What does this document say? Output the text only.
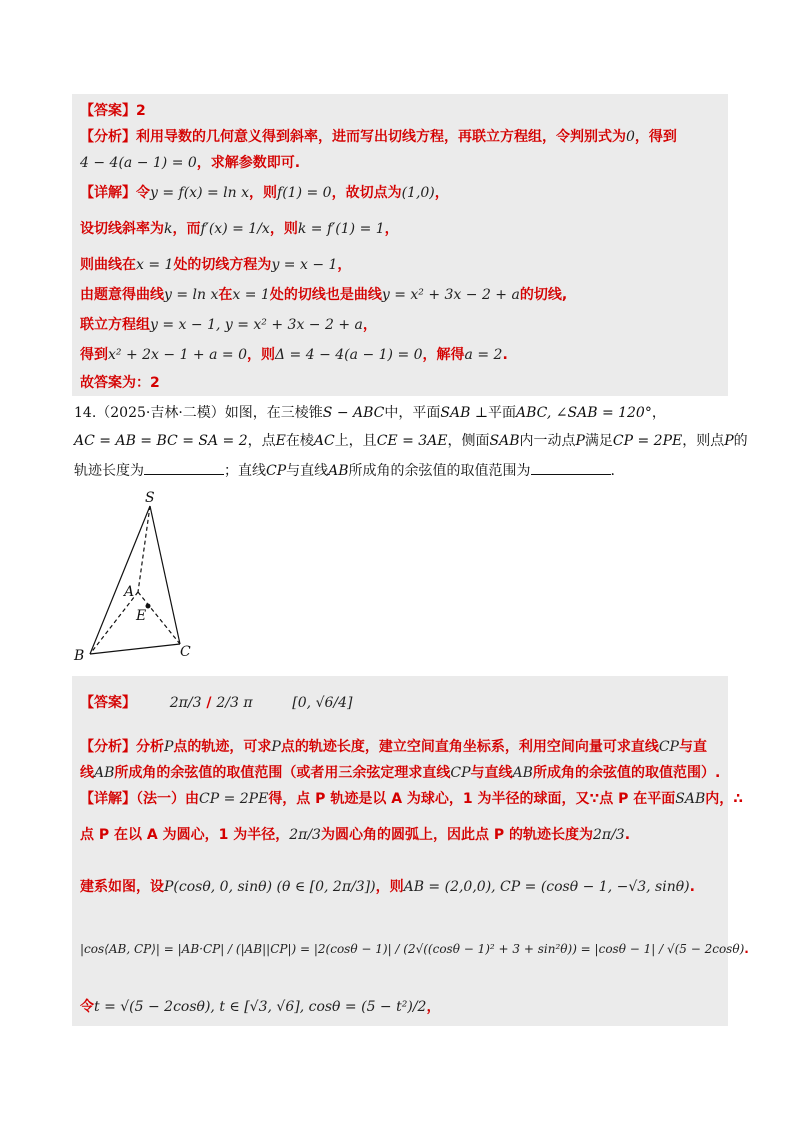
【答案】2
【分析】利用导数的几何意义得到斜率，进而写出切线方程，再联立方程组，令判别式为0，得到
4 − 4(a − 1) = 0，求解参数即可.
【详解】令y = f(x) = ln x，则f(1) = 0，故切点为(1,0)，
设切线斜率为k，而f′(x) = 1/x，则k = f′(1) = 1，
则曲线在x = 1处的切线方程为y = x − 1，
由题意得曲线y = ln x在x = 1处的切线也是曲线y = x² + 3x − 2 + a的切线,
联立方程组y = x − 1, y = x² + 3x − 2 + a，
得到x² + 2x − 1 + a = 0，则Δ = 4 − 4(a − 1) = 0，解得a = 2.
故答案为：2
14.（2025·吉林·二模）如图，在三棱锥S − ABC中，平面SAB ⊥平面ABC, ∠SAB = 120°，
AC = AB = BC = SA = 2，点E在棱AC上，且CE = 3AE，侧面SAB内一动点P满足CP = 2PE，则点P的
轨迹长度为	；直线CP与直线AB所成角的余弦值的取值范围为	.
S
A
E
B	C
【答案】 2π/3 / 2/3 π	[0, √6/4]
【分析】分析P点的轨迹，可求P点的轨迹长度，建立空间直角坐标系，利用空间向量可求直线CP与直
线AB所成角的余弦值的取值范围（或者用三余弦定理求直线CP与直线AB所成角的余弦值的取值范围）.
【详解】（法一）由CP = 2PE得，点 P 轨迹是以 A 为球心，1 为半径的球面，又∵点 P 在平面SAB内，∴
点 P 在以 A 为圆心，1 为半径，2π/3为圆心角的圆弧上，因此点 P 的轨迹长度为2π/3.
建系如图，设P(cosθ, 0, sinθ) (θ ∈ [0, 2π/3])，则AB = (2,0,0), CP = (cosθ − 1, −√3, sinθ).
|cos⟨AB, CP⟩| = |AB·CP| / (|AB||CP|) = |2(cosθ − 1)| / (2√((cosθ − 1)² + 3 + sin²θ)) = |cosθ − 1| / √(5 − 2cosθ).
令t = √(5 − 2cosθ), t ∈ [√3, √6], cosθ = (5 − t²)/2，
